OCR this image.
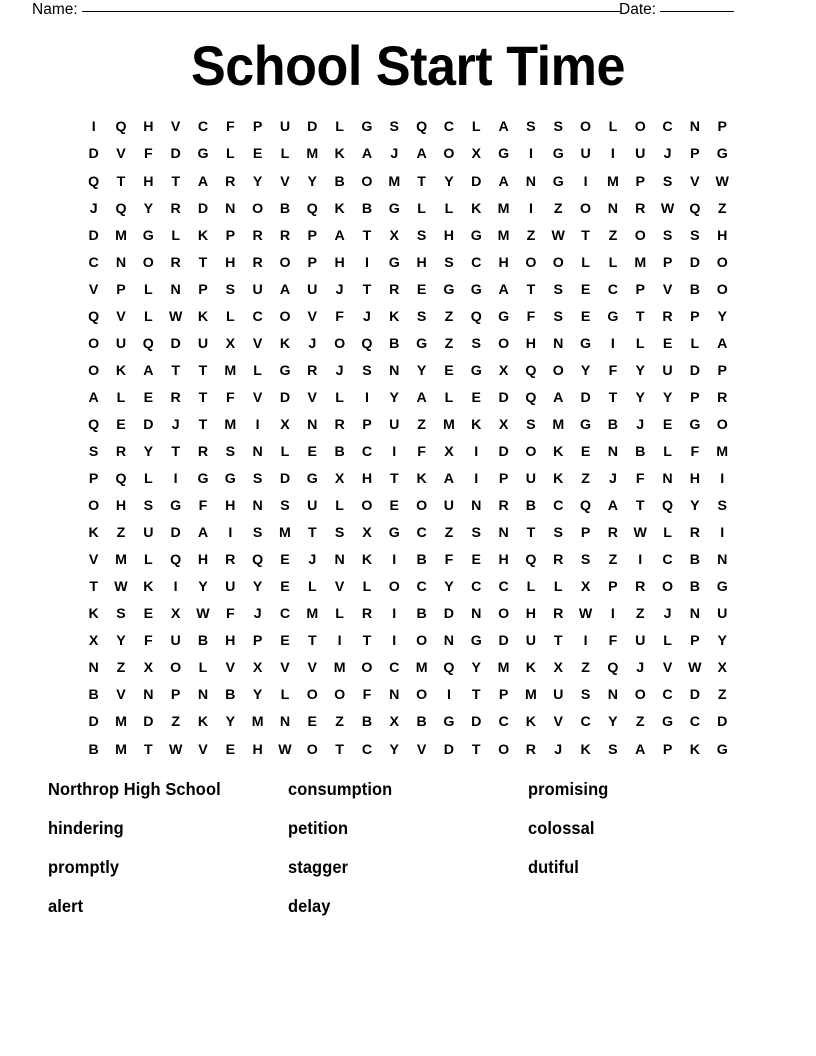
Name:	Date:
School Start Time
I	Q	H	V	C	F	P	U	D	L	G	S	Q	C	L	A	S	S	O	L	O	C	N	P
D	V	F	D	G	L	E	L	M	K	A	J	A	O	X	G	I	G	U	I	U	J	P	G
Q	T	H	T	A	R	Y	V	Y	B	O	M	T	Y	D	A	N	G	I	M	P	S	V	W
J	Q	Y	R	D	N	O	B	Q	K	B	G	L	L	K	M	I	Z	O	N	R	W	Q	Z
D	M	G	L	K	P	R	R	P	A	T	X	S	H	G	M	Z	W	T	Z	O	S	S	H
C	N	O	R	T	H	R	O	P	H	I	G	H	S	C	H	O	O	L	L	M	P	D	O
V	P	L	N	P	S	U	A	U	J	T	R	E	G	G	A	T	S	E	C	P	V	B	O
Q	V	L	W	K	L	C	O	V	F	J	K	S	Z	Q	G	F	S	E	G	T	R	P	Y
O	U	Q	D	U	X	V	K	J	O	Q	B	G	Z	S	O	H	N	G	I	L	E	L	A
O	K	A	T	T	M	L	G	R	J	S	N	Y	E	G	X	Q	O	Y	F	Y	U	D	P
A	L	E	R	T	F	V	D	V	L	I	Y	A	L	E	D	Q	A	D	T	Y	Y	P	R
Q	E	D	J	T	M	I	X	N	R	P	U	Z	M	K	X	S	M	G	B	J	E	G	O
S	R	Y	T	R	S	N	L	E	B	C	I	F	X	I	D	O	K	E	N	B	L	F	M
P	Q	L	I	G	G	S	D	G	X	H	T	K	A	I	P	U	K	Z	J	F	N	H	I
O	H	S	G	F	H	N	S	U	L	O	E	O	U	N	R	B	C	Q	A	T	Q	Y	S
K	Z	U	D	A	I	S	M	T	S	X	G	C	Z	S	N	T	S	P	R	W	L	R	I
V	M	L	Q	H	R	Q	E	J	N	K	I	B	F	E	H	Q	R	S	Z	I	C	B	N
T	W	K	I	Y	U	Y	E	L	V	L	O	C	Y	C	C	L	L	X	P	R	O	B	G
K	S	E	X	W	F	J	C	M	L	R	I	B	D	N	O	H	R	W	I	Z	J	N	U
X	Y	F	U	B	H	P	E	T	I	T	I	O	N	G	D	U	T	I	F	U	L	P	Y
N	Z	X	O	L	V	X	V	V	M	O	C	M	Q	Y	M	K	X	Z	Q	J	V	W	X
B	V	N	P	N	B	Y	L	O	O	F	N	O	I	T	P	M	U	S	N	O	C	D	Z
D	M	D	Z	K	Y	M	N	E	Z	B	X	B	G	D	C	K	V	C	Y	Z	G	C	D
B	M	T	W	V	E	H	W	O	T	C	Y	V	D	T	O	R	J	K	S	A	P	K	G
Northrop High School	consumption	promising
hindering	petition	colossal
promptly	stagger	dutiful
alert	delay
